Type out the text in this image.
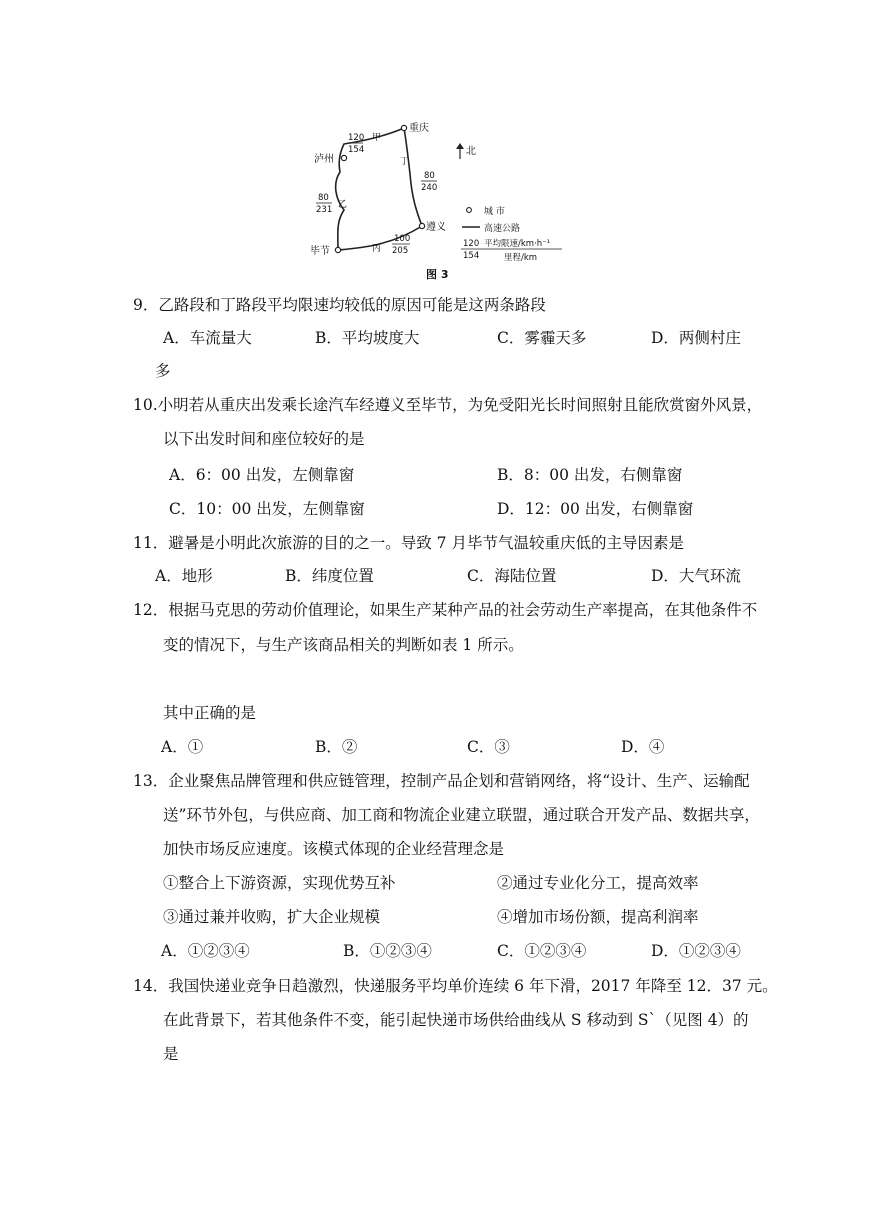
重庆
泸州
遵义
毕节
120
154
甲
80
231 乙
丙
100
205
丁
80
240
北
城 市
高速公路
120
154
平均限速/km·h⁻¹
里程/km
图 3
9．乙路段和丁路段平均限速均较低的原因可能是这两条路段
A．车流量大	B．平均坡度大	C．雾霾天多	D．两侧村庄
多
10.小明若从重庆出发乘长途汽车经遵义至毕节，为免受阳光长时间照射且能欣赏窗外风景，
以下出发时间和座位较好的是
A．6：00 出发，左侧靠窗	B．8：00 出发，右侧靠窗
C．10：00 出发，左侧靠窗	D．12：00 出发，右侧靠窗
11．避暑是小明此次旅游的目的之一。导致 7 月毕节气温较重庆低的主导因素是
A．地形	B．纬度位置	C．海陆位置	D．大气环流
12．根据马克思的劳动价值理论，如果生产某种产品的社会劳动生产率提高，在其他条件不
变的情况下，与生产该商品相关的判断如表 1 所示。
其中正确的是
A．①	B．②	C．③	D．④
13．企业聚焦品牌管理和供应链管理，控制产品企划和营销网络，将“设计、生产、运输配
送”环节外包，与供应商、加工商和物流企业建立联盟，通过联合开发产品、数据共享，
加快市场反应速度。该模式体现的企业经营理念是
①整合上下游资源，实现优势互补	②通过专业化分工，提高效率
③通过兼并收购，扩大企业规模	④增加市场份额，提高利润率
A．①②③④	B．①②③④	C．①②③④	D．①②③④
14．我国快递业竞争日趋激烈，快递服务平均单价连续 6 年下滑，2017 年降至 12．37 元。
在此背景下，若其他条件不变，能引起快递市场供给曲线从 S 移动到 S`（见图 4）的
是
